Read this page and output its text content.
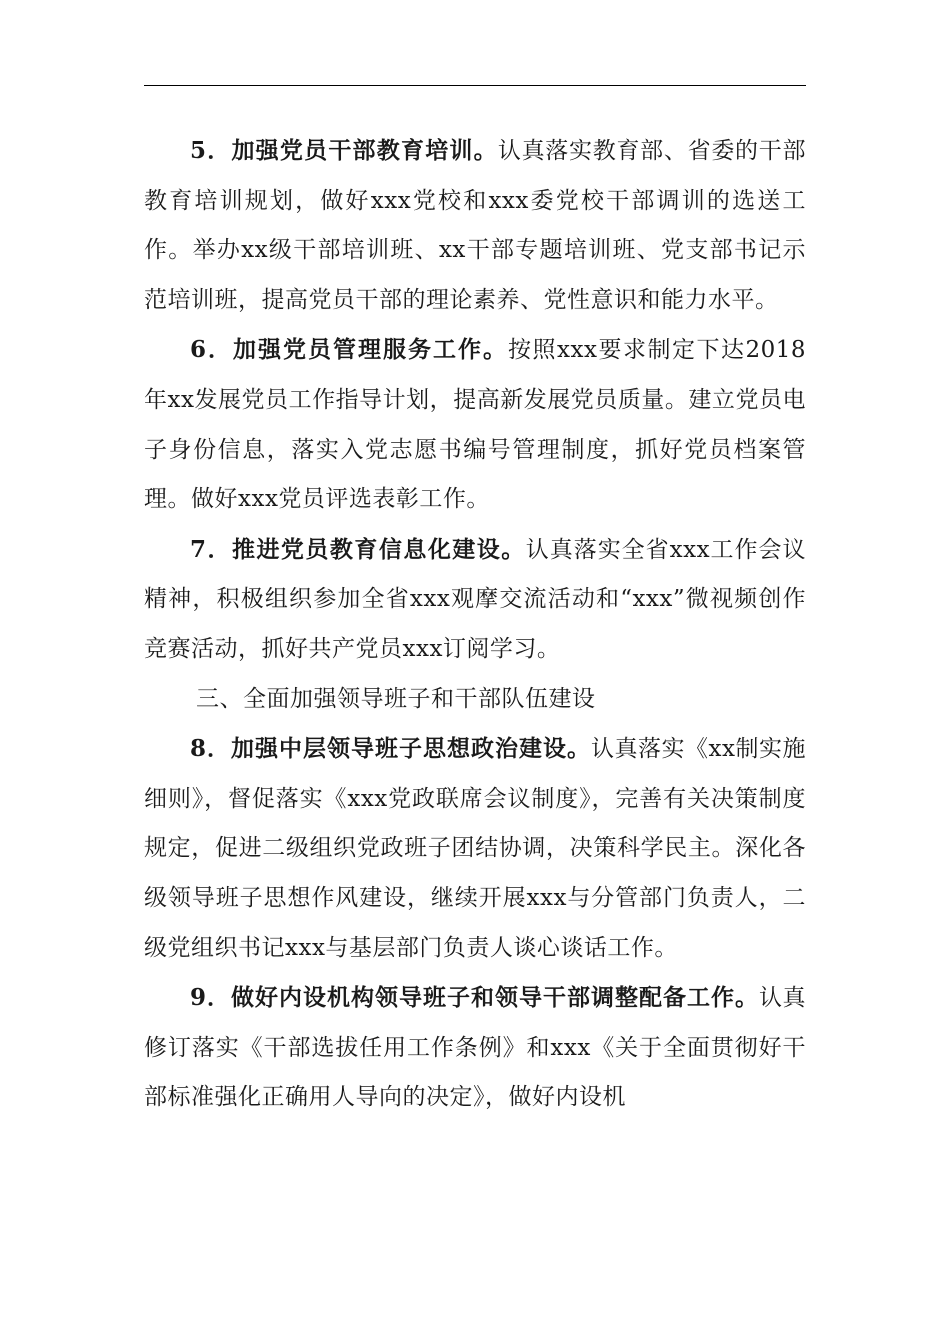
5．加强党员干部教育培训。认真落实教育部、省委的干部教育培训规划，做好xxx党校和xxx委党校干部调训的选送工作。举办xx级干部培训班、xx干部专题培训班、党支部书记示范培训班，提高党员干部的理论素养、党性意识和能力水平。

6．加强党员管理服务工作。按照xxx要求制定下达2018年xx发展党员工作指导计划，提高新发展党员质量。建立党员电子身份信息，落实入党志愿书编号管理制度，抓好党员档案管理。做好xxx党员评选表彰工作。

7．推进党员教育信息化建设。认真落实全省xxx工作会议精神，积极组织参加全省xxx观摩交流活动和“xxx”微视频创作竞赛活动，抓好共产党员xxx订阅学习。

三、全面加强领导班子和干部队伍建设

8．加强中层领导班子思想政治建设。认真落实《xx制实施细则》，督促落实《xxx党政联席会议制度》，完善有关决策制度规定，促进二级组织党政班子团结协调，决策科学民主。深化各级领导班子思想作风建设，继续开展xxx与分管部门负责人，二级党组织书记xxx与基层部门负责人谈心谈话工作。

9．做好内设机构领导班子和领导干部调整配备工作。认真修订落实《干部选拔任用工作条例》和xxx《关于全面贯彻好干部标准强化正确用人导向的决定》，做好内设机
